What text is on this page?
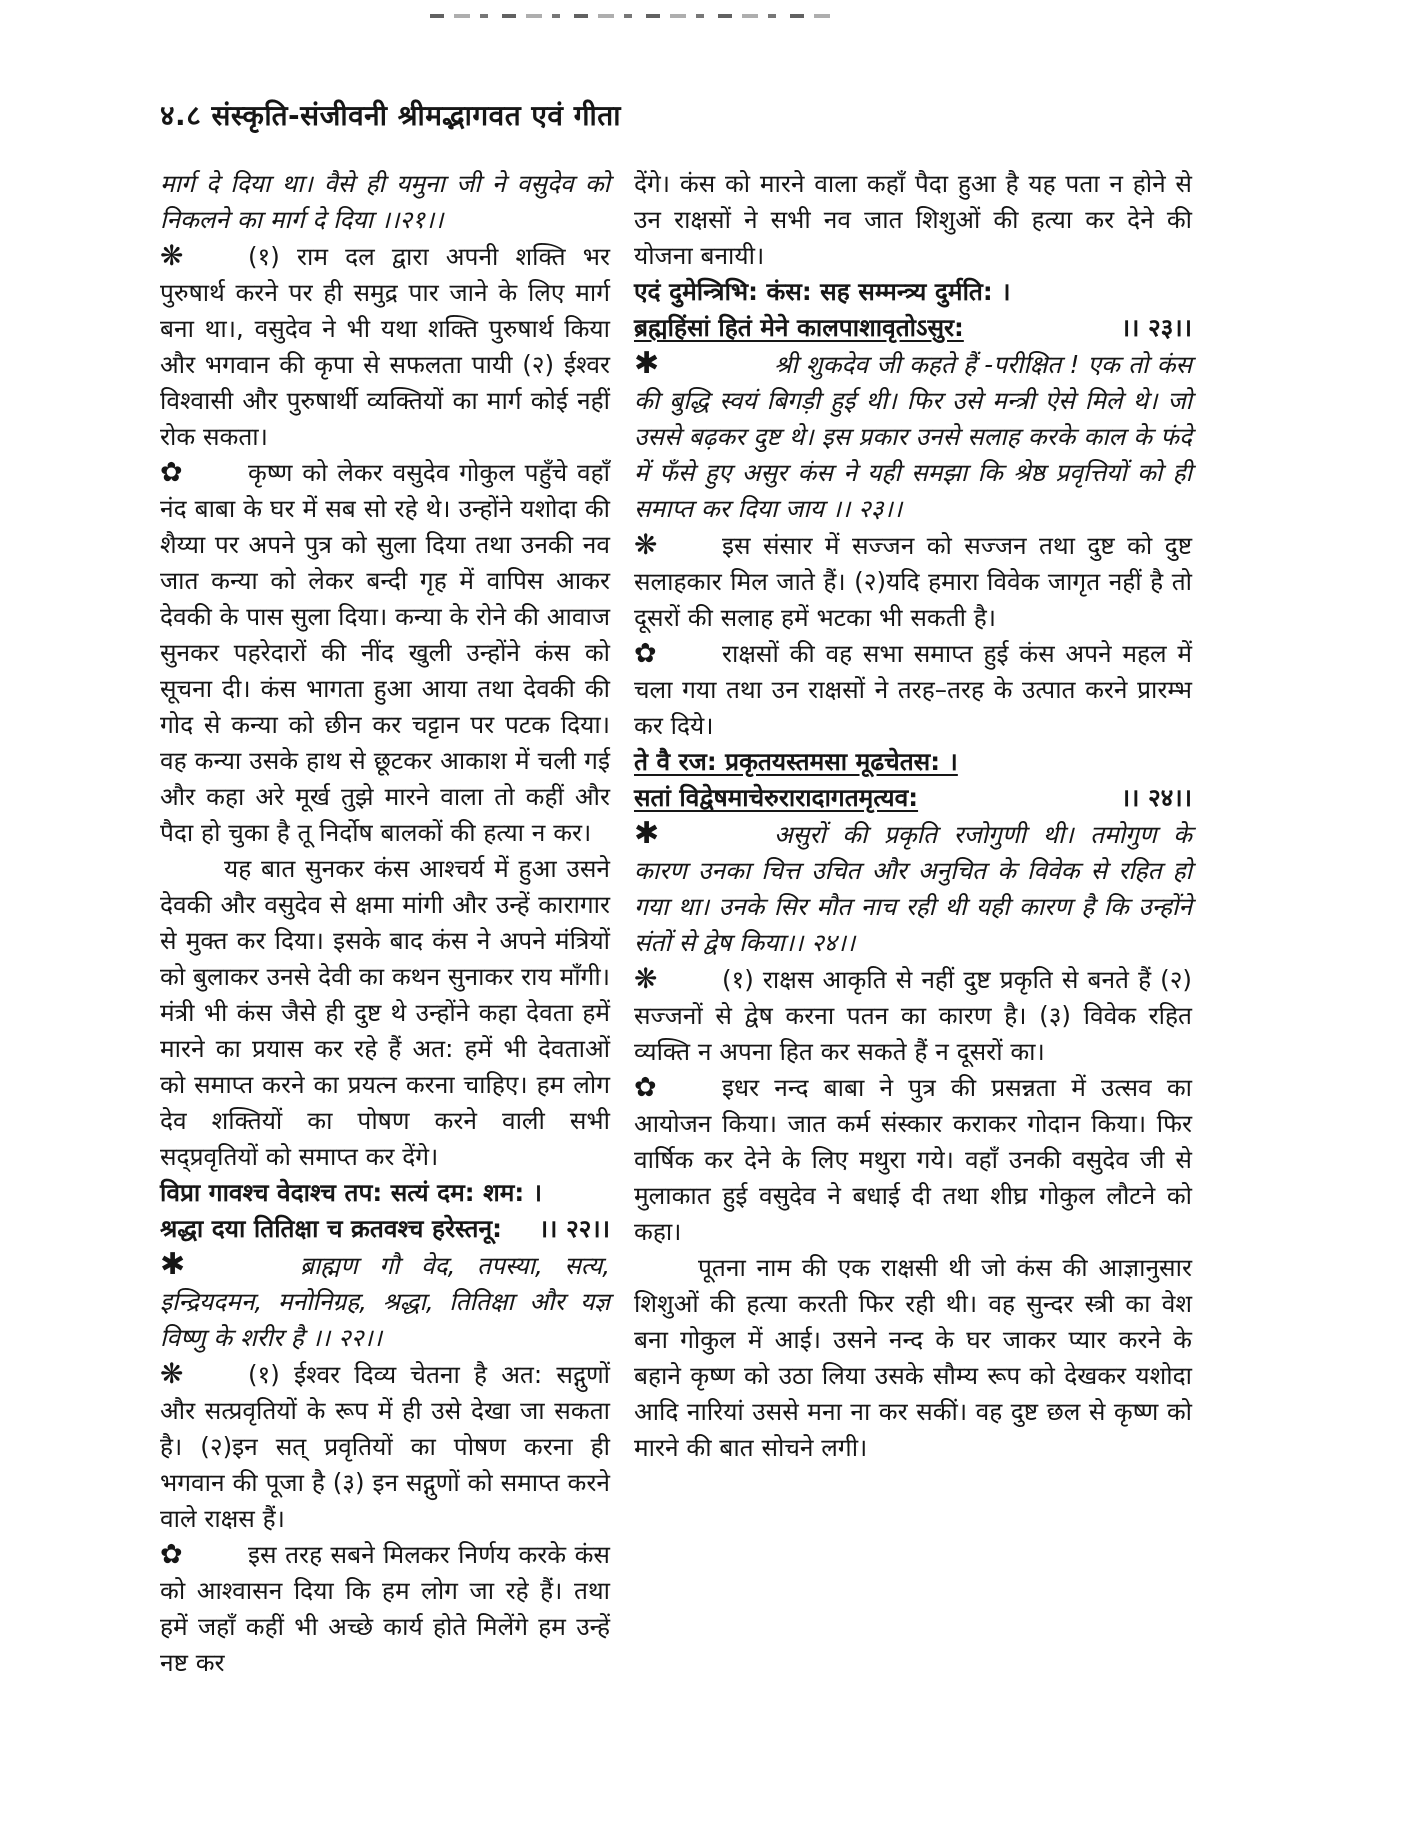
४.८ संस्कृति-संजीवनी श्रीमद्भागवत एवं गीता

मार्ग दे दिया था। वैसे ही यमुना जी ने वसुदेव को निकलने का मार्ग दे दिया ।।२१।।

❋	(१) राम दल द्वारा अपनी शक्ति भर पुरुषार्थ करने पर ही समुद्र पार जाने के लिए मार्ग बना था।, वसुदेव ने भी यथा शक्ति पुरुषार्थ किया और भगवान की कृपा से सफलता पायी (२) ईश्वर विश्वासी और पुरुषार्थी व्यक्तियों का मार्ग कोई नहीं रोक सकता।

✿	कृष्ण को लेकर वसुदेव गोकुल पहुँचे वहाँ नंद बाबा के घर में सब सो रहे थे। उन्होंने यशोदा की शैय्या पर अपने पुत्र को सुला दिया तथा उनकी नव जात कन्या को लेकर बन्दी गृह में वापिस आकर देवकी के पास सुला दिया। कन्या के रोने की आवाज सुनकर पहरेदारों की नींद खुली उन्होंने कंस को सूचना दी। कंस भागता हुआ आया तथा देवकी की गोद से कन्या को छीन कर चट्टान पर पटक दिया। वह कन्या उसके हाथ से छूटकर आकाश में चली गई और कहा अरे मूर्ख तुझे मारने वाला तो कहीं और पैदा हो चुका है तू निर्दोष बालकों की हत्या न कर।

यह बात सुनकर कंस आश्चर्य में हुआ उसने देवकी और वसुदेव से क्षमा मांगी और उन्हें कारागार से मुक्त कर दिया। इसके बाद कंस ने अपने मंत्रियों को बुलाकर उनसे देवी का कथन सुनाकर राय माँगी। मंत्री भी कंस जैसे ही दुष्ट थे उन्होंने कहा देवता हमें मारने का प्रयास कर रहे हैं अत: हमें भी देवताओं को समाप्त करने का प्रयत्न करना चाहिए। हम लोग देव शक्तियों का पोषण करने वाली सभी सद्प्रवृतियों को समाप्त कर देंगे।

विप्रा गावश्च वेदाश्च तप: सत्यं दम: शम: ।

श्रद्धा दया तितिक्षा च क्रतवश्च हरेस्तनू: ।। २२।।

✱	ब्राह्मण गौ वेद, तपस्या, सत्य, इन्द्रियदमन, मनोनिग्रह, श्रद्धा, तितिक्षा और यज्ञ विष्णु के शरीर है ।। २२।।

❋	(१) ईश्वर दिव्य चेतना है अत: सद्गुणों और सत्प्रवृतियों के रूप में ही उसे देखा जा सकता है। (२)इन सत् प्रवृतियों का पोषण करना ही भगवान की पूजा है (३) इन सद्गुणों को समाप्त करने वाले राक्षस हैं।

✿	इस तरह सबने मिलकर निर्णय करके कंस को आश्वासन दिया कि हम लोग जा रहे हैं। तथा हमें जहाँ कहीं भी अच्छे कार्य होते मिलेंगे हम उन्हें नष्ट कर

देंगे। कंस को मारने वाला कहाँ पैदा हुआ है यह पता न होने से उन राक्षसों ने सभी नव जात शिशुओं की हत्या कर देने की योजना बनायी।

एदं दुमेन्त्रिभि: कंस: सह सम्मन्त्र्य दुर्मति: ।

ब्रह्महिंसां हितं मेने कालपाशावृतोऽसुर:	।। २३।।

✱	श्री शुकदेव जी कहते हैं -परीक्षित ! एक तो कंस की बुद्धि स्वयं बिगड़ी हुई थी। फिर उसे मन्त्री ऐसे मिले थे। जो उससे बढ़कर दुष्ट थे। इस प्रकार उनसे सलाह करके काल के फंदे में फँसे हुए असुर कंस ने यही समझा कि श्रेष्ठ प्रवृत्तियों को ही समाप्त कर दिया जाय ।। २३।।

❋	इस संसार में सज्जन को सज्जन तथा दुष्ट को दुष्ट सलाहकार मिल जाते हैं। (२)यदि हमारा विवेक जागृत नहीं है तो दूसरों की सलाह हमें भटका भी सकती है।

✿	राक्षसों की वह सभा समाप्त हुई कंस अपने महल में चला गया तथा उन राक्षसों ने तरह–तरह के उत्पात करने प्रारम्भ कर दिये।

ते वै रज: प्रकृतयस्तमसा मूढचेतस: ।

सतां विद्वेषमाचेरुरारादागतमृत्यव:	।। २४।।

✱	असुरों की प्रकृति रजोगुणी थी। तमोगुण के कारण उनका चित्त उचित और अनुचित के विवेक से रहित हो गया था। उनके सिर मौत नाच रही थी यही कारण है कि उन्होंने संतों से द्वेष किया।। २४।।

❋	(१) राक्षस आकृति से नहीं दुष्ट प्रकृति से बनते हैं (२) सज्जनों से द्वेष करना पतन का कारण है। (३) विवेक रहित व्यक्ति न अपना हित कर सकते हैं न दूसरों का।

✿	इधर नन्द बाबा ने पुत्र की प्रसन्नता में उत्सव का आयोजन किया। जात कर्म संस्कार कराकर गोदान किया। फिर वार्षिक कर देने के लिए मथुरा गये। वहाँ उनकी वसुदेव जी से मुलाकात हुई वसुदेव ने बधाई दी तथा शीघ्र गोकुल लौटने को कहा।

पूतना नाम की एक राक्षसी थी जो कंस की आज्ञानुसार शिशुओं की हत्या करती फिर रही थी। वह सुन्दर स्त्री का वेश बना गोकुल में आई। उसने नन्द के घर जाकर प्यार करने के बहाने कृष्ण को उठा लिया उसके सौम्य रूप को देखकर यशोदा आदि नारियां उससे मना ना कर सकीं। वह दुष्ट छल से कृष्ण को मारने की बात सोचने लगी।
